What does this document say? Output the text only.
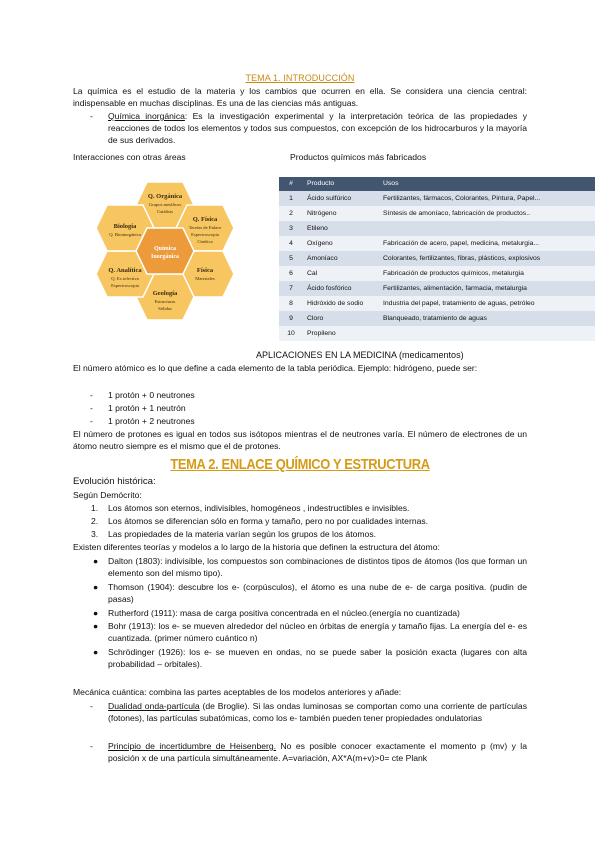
TEMA 1. INTRODUCCIÓN
La química es el estudio de la materia y los cambios que ocurren en ella. Se considera una ciencia central: indispensable en muchas disciplinas. Es una de las ciencias más antiguas.
- Química inorgánica: Es la investigación experimental y la interpretación teórica de las propiedades y reacciones de todos los elementos y todos sus compuestos, con excepción de los hidrocarburos y la mayoría de sus derivados.
Interacciones con otras áreas	Productos químicos más fabricados
Q. Orgánica
Grupos metálicos
Catálisis
Q. Física
Teorías de Enlace
Espectroscopia
Cinética
Física
Materiales
Geología
Estructuras
Sólidas
Q. Analítica
Q. Es selectiva
Espectroscopia
Biología
Q. Bioinorgánica
Química
Inorgánica
#	Producto	Usos
1	Ácido sulfúrico	Fertilizantes, fármacos, Colorantes, Pintura, Papel...
2	Nitrógeno	Síntesis de amoníaco, fabricación de productos..
3	Etileno	
4	Oxígeno	Fabricación de acero, papel, medicina, metalurgia...
5	Amoníaco	Colorantes, fertilizantes, fibras, plásticos, explosivos
6	Cal	Fabricación de productos químicos, metalurgia
7	Ácido fosfórico	Fertilizantes, alimentación, farmacia, metalurgia
8	Hidróxido de sodio	Industria del papel, tratamiento de aguas, petróleo
9	Cloro	Blanqueado, tratamiento de aguas
10	Propileno	
APLICACIONES EN LA MEDICINA (medicamentos)
El número atómico es lo que define a cada elemento de la tabla periódica. Ejemplo: hidrógeno, puede ser:
- 1 protón + 0 neutrones
- 1 protón + 1 neutrón
- 1 protón + 2 neutrones
El número de protones es igual en todos sus isótopos mientras el de neutrones varía. El número de electrones de un átomo neutro siempre es el mismo que el de protones.
TEMA 2. ENLACE QUÍMICO Y ESTRUCTURA
Evolución histórica:
Según Demócrito:
1. Los átomos son eternos, indivisibles, homogéneos , indestructibles e invisibles.
2. Los átomos se diferencian sólo en forma y tamaño, pero no por cualidades internas.
3. Las propiedades de la materia varían según los grupos de los átomos.
Existen diferentes teorías y modelos a lo largo de la historia que definen la estructura del átomo:
● Dalton (1803): indivisible, los compuestos son combinaciones de distintos tipos de átomos (los que forman un elemento son del mismo tipo).
● Thomson (1904): descubre los e- (corpúsculos), el átomo es una nube de e- de carga positiva. (pudin de pasas)
● Rutherford (1911): masa de carga positiva concentrada en el núcleo.(energía no cuantizada)
● Bohr (1913): los e- se mueven alrededor del núcleo en órbitas de energía y tamaño fijas. La energía del e- es cuantizada. (primer número cuántico n)
● Schrödinger (1926): los e- se mueven en ondas, no se puede saber la posición exacta (lugares con alta probabilidad – orbitales).
Mecánica cuántica: combina las partes aceptables de los modelos anteriores y añade:
- Dualidad onda-partícula (de Broglie). Si las ondas luminosas se comportan como una corriente de partículas (fotones), las partículas subatómicas, como los e- también pueden tener propiedades ondulatorias
- Principio de incertidumbre de Heisenberg. No es posible conocer exactamente el momento p (mv) y la posición x de una partícula simultáneamente. A=variación, AX*A(m+v)>0= cte Plank
